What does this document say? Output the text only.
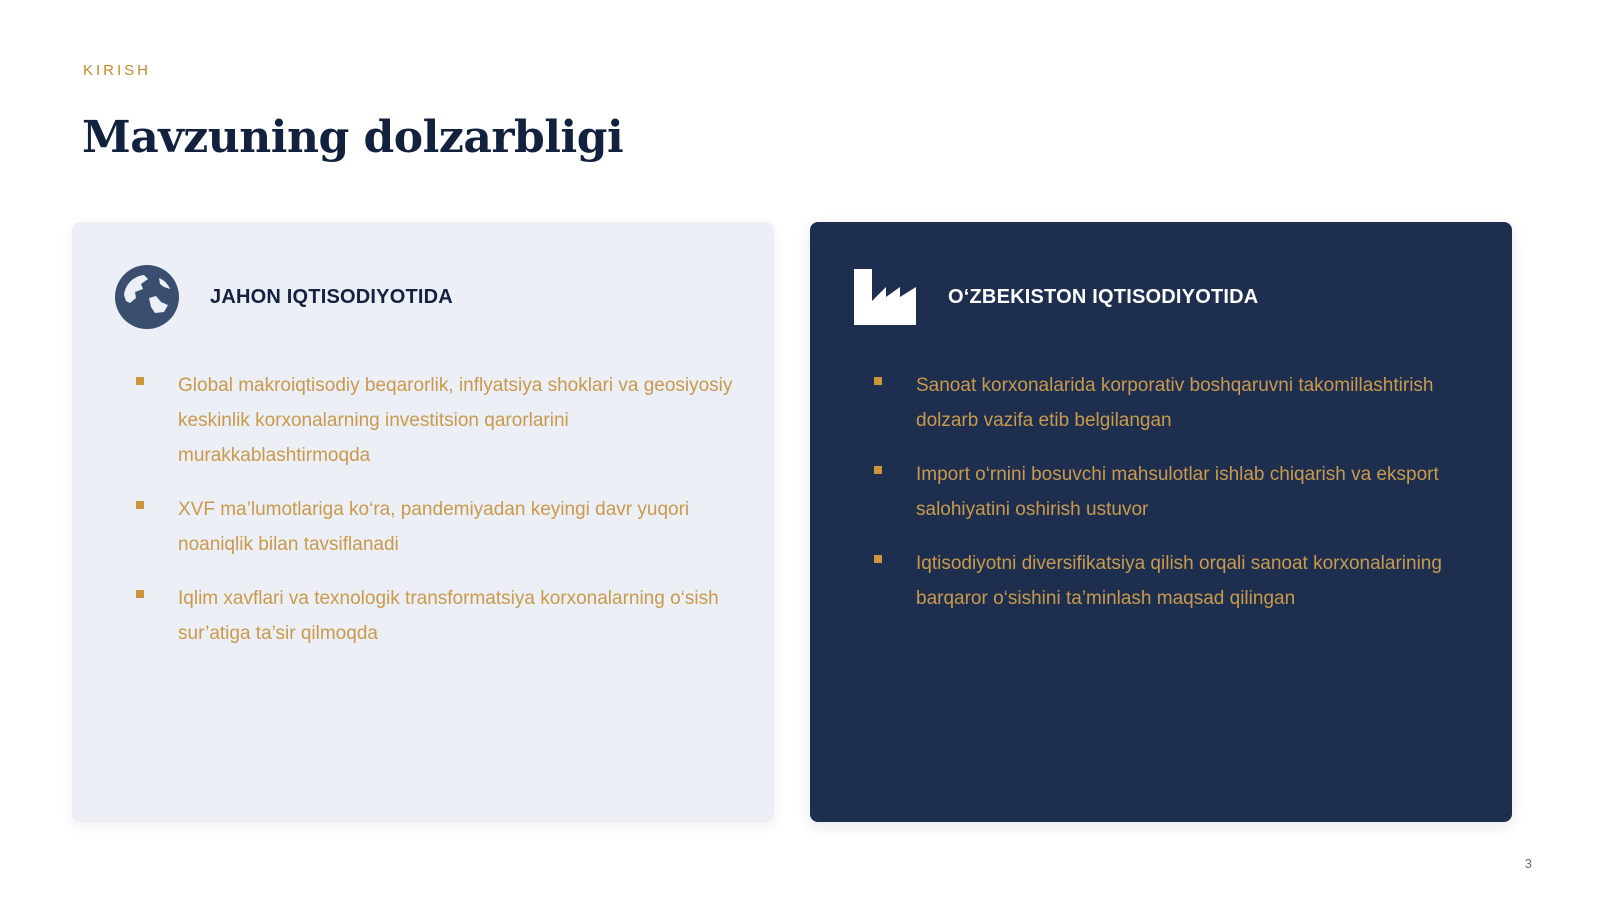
KIRISH
Mavzuning dolzarbligi
JAHON IQTISODIYOTIDA
Global makroiqtisodiy beqarorlik, inflyatsiya shoklari va geosiyosiy keskinlik korxonalarning investitsion qarorlarini murakkablashtirmoqda
XVF ma’lumotlariga ko‘ra, pandemiyadan keyingi davr yuqori noaniqlik bilan tavsiflanadi
Iqlim xavflari va texnologik transformatsiya korxonalarning o‘sish sur’atiga ta’sir qilmoqda
O‘ZBEKISTON IQTISODIYOTIDA
Sanoat korxonalarida korporativ boshqaruvni takomillashtirish dolzarb vazifa etib belgilangan
Import o‘rnini bosuvchi mahsulotlar ishlab chiqarish va eksport salohiyatini oshirish ustuvor
Iqtisodiyotni diversifikatsiya qilish orqali sanoat korxonalarining barqaror o‘sishini ta’minlash maqsad qilingan
3
